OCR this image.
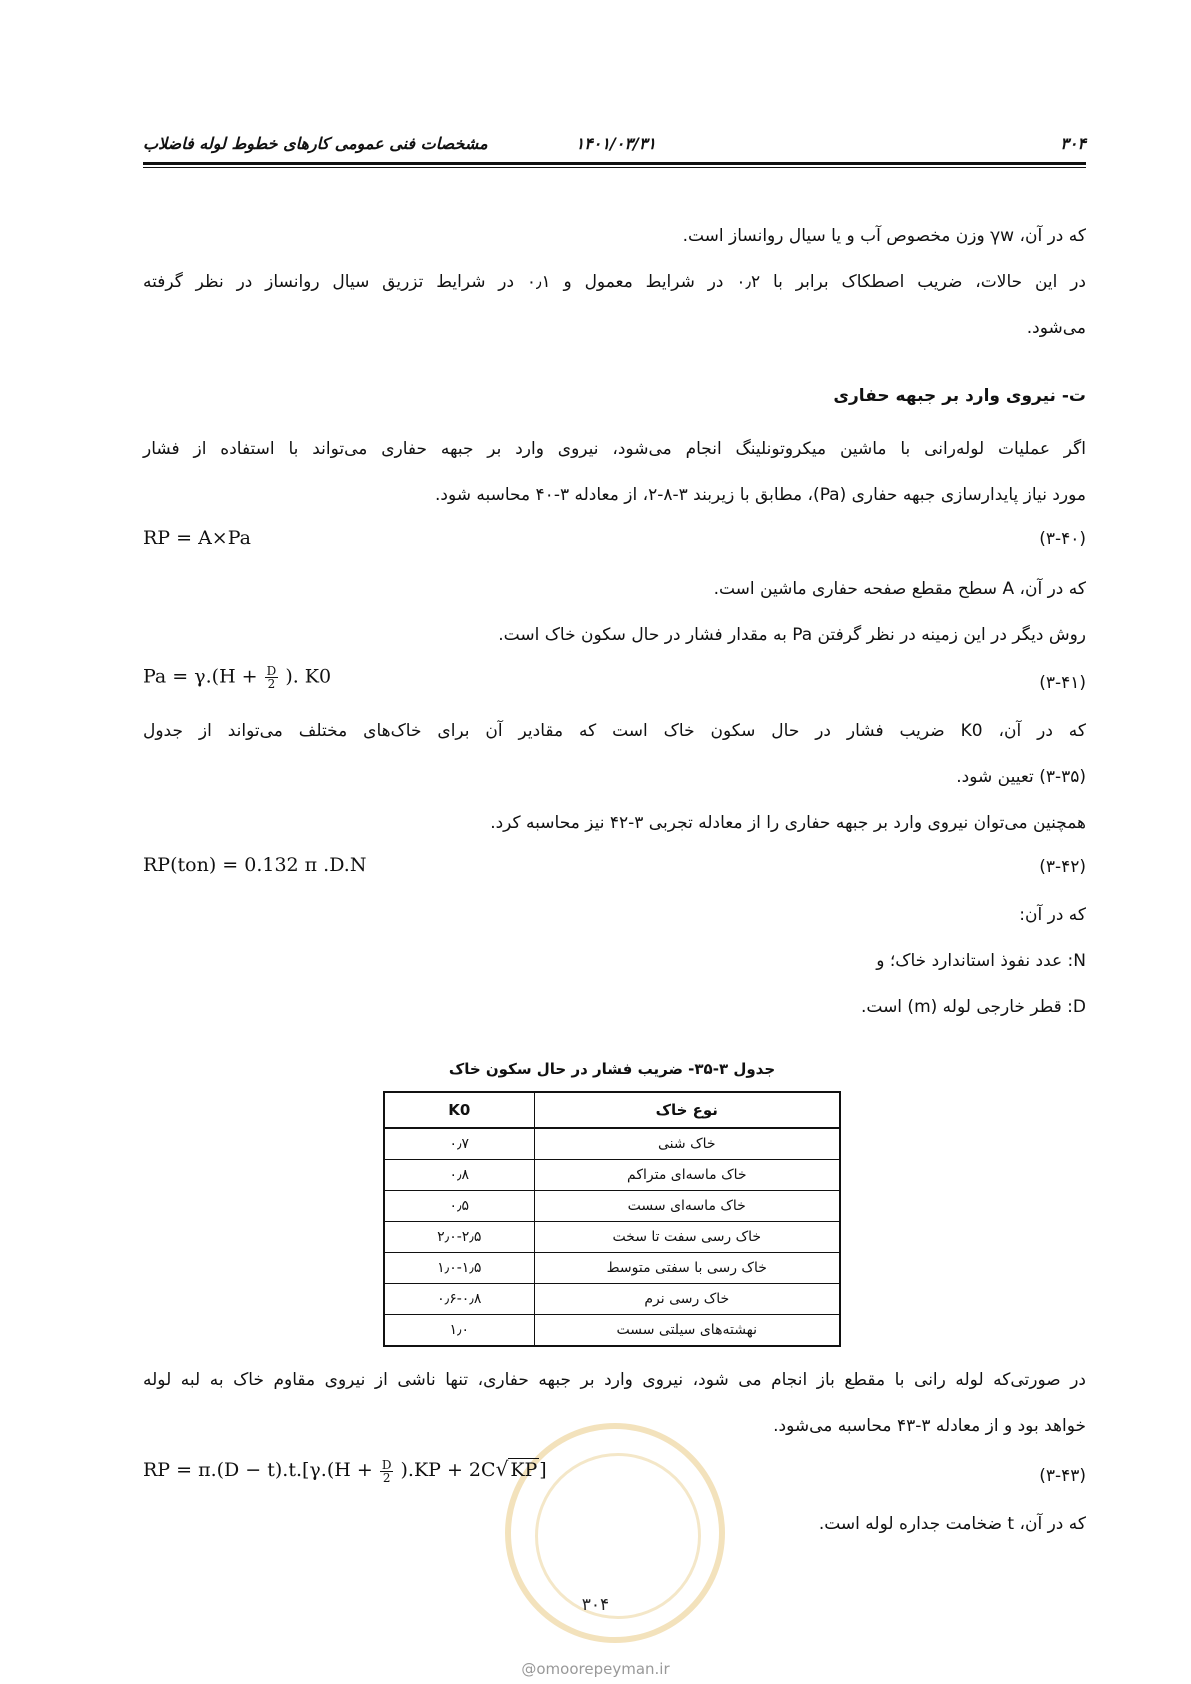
۳۰۴
۱۴۰۱/۰۳/۳۱
مشخصات فنی عمومی کارهای خطوط لوله فاضلاب
که در آن، γw وزن مخصوص آب و یا سیال روانساز است.
در این حالات، ضریب اصطکاک برابر با ۰٫۲ در شرایط معمول و ۰٫۱ در شرایط تزریق سیال روانساز در نظر گرفته
می‌شود.
ت- نیروی وارد بر جبهه حفاری
اگر عملیات لوله‌رانی با ماشین میکروتونلینگ انجام می‌شود، نیروی وارد بر جبهه حفاری می‌تواند با استفاده از فشار
مورد نیاز پایدارسازی جبهه حفاری (Pa)، مطابق با زیربند ۳-۸-۲، از معادله ۳-۴۰ محاسبه شود.
RP = A×Pa	(۳-۴۰)
که در آن، A سطح مقطع صفحه حفاری ماشین است.
روش دیگر در این زمینه در نظر گرفتن Pa به مقدار فشار در حال سکون خاک است.
$Pa = \gamma.(H + \frac{D}{2}$ ). K0	(۳-۴۱)
که در آن، K0 ضریب فشار در حال سکون خاک است که مقادیر آن برای خاک‌های مختلف می‌تواند از جدول
(۳-۳۵) تعیین شود.
همچنین می‌توان نیروی وارد بر جبهه حفاری را از معادله تجربی ۳-۴۲ نیز محاسبه کرد.
RP(ton) = 0.132 π .D.N	(۳-۴۲)
که در آن:
N: عدد نفوذ استاندارد خاک؛ و
D: قطر خارجی لوله (m) است.
جدول ۳-۳۵- ضریب فشار در حال سکون خاک
نوع خاک	K0
خاک شنی	۰٫۷
خاک ماسه‌ای متراکم	۰٫۸
خاک ماسه‌ای سست	۰٫۵
خاک رسی سفت تا سخت	۲٫۰-۲٫۵
خاک رسی با سفتی متوسط	۱٫۰-۱٫۵
خاک رسی نرم	۰٫۶-۰٫۸
نهشته‌های سیلتی سست	۱٫۰
در صورتی‌که لوله رانی با مقطع باز انجام می شود، نیروی وارد بر جبهه حفاری، تنها ناشی از نیروی مقاوم خاک به لبه لوله
خواهد بود و از معادله ۳-۴۳ محاسبه می‌شود.
RP = $\pi.(D - t).t.[\gamma.(H + \frac{D}{2} ).KP + 2C√$ KP ]	(۳-۴۳)
که در آن، t ضخامت جداره لوله است.
۳۰۴
@omoorepeyman.ir
